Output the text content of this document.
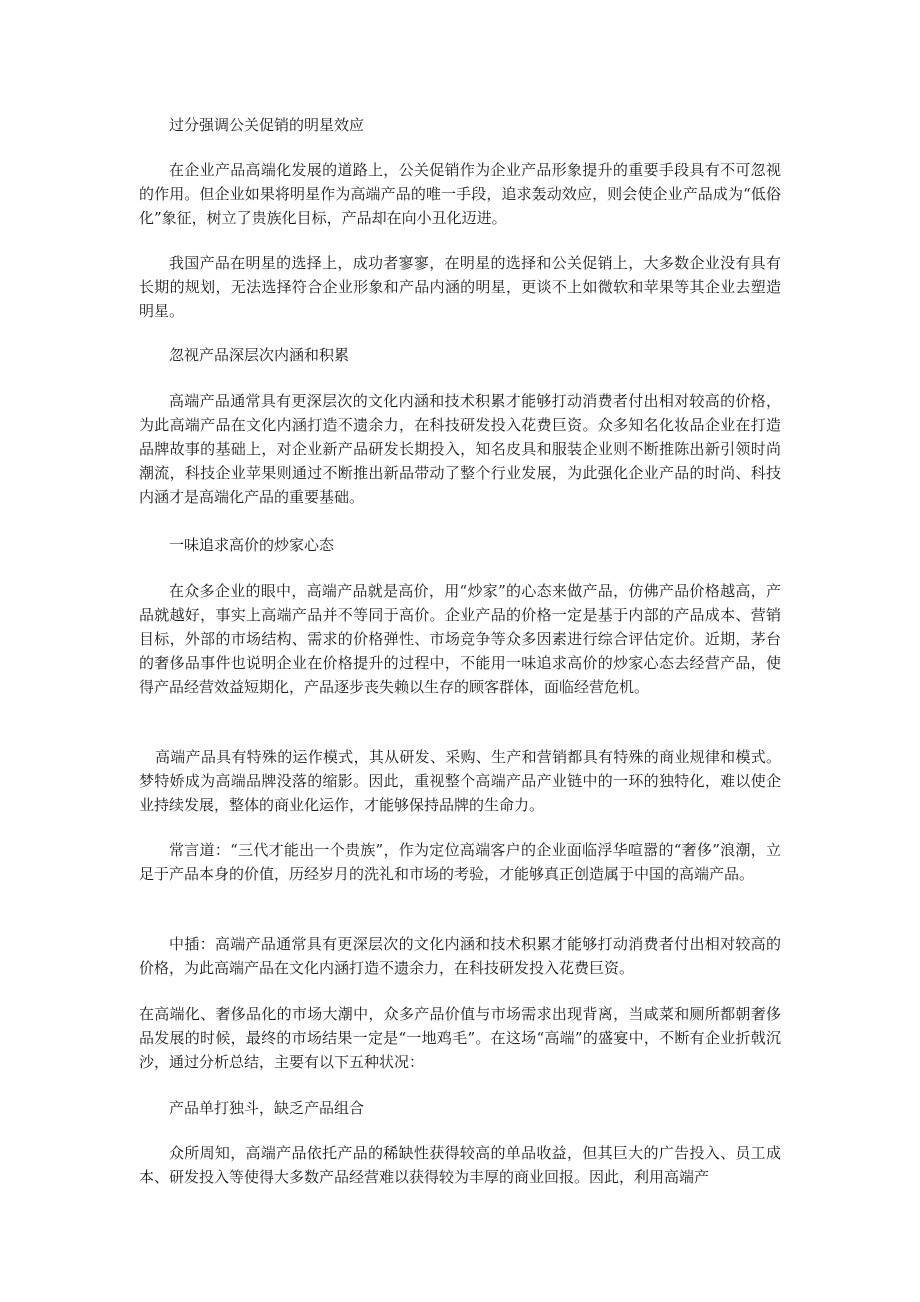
过分强调公关促销的明星效应

在企业产品高端化发展的道路上，公关促销作为企业产品形象提升的重要手段具有不可忽视的作用。但企业如果将明星作为高端产品的唯一手段，追求轰动效应，则会使企业产品成为“低俗化”象征，树立了贵族化目标，产品却在向小丑化迈进。

我国产品在明星的选择上，成功者寥寥，在明星的选择和公关促销上，大多数企业没有具有长期的规划，无法选择符合企业形象和产品内涵的明星，更谈不上如微软和苹果等其企业去塑造明星。

忽视产品深层次内涵和积累

高端产品通常具有更深层次的文化内涵和技术积累才能够打动消费者付出相对较高的价格，为此高端产品在文化内涵打造不遗余力，在科技研发投入花费巨资。众多知名化妆品企业在打造品牌故事的基础上，对企业新产品研发长期投入，知名皮具和服装企业则不断推陈出新引领时尚潮流，科技企业苹果则通过不断推出新品带动了整个行业发展，为此强化企业产品的时尚、科技内涵才是高端化产品的重要基础。

一味追求高价的炒家心态

在众多企业的眼中，高端产品就是高价，用“炒家”的心态来做产品，仿佛产品价格越高，产品就越好，事实上高端产品并不等同于高价。企业产品的价格一定是基于内部的产品成本、营销目标，外部的市场结构、需求的价格弹性、市场竞争等众多因素进行综合评估定价。近期，茅台的奢侈品事件也说明企业在价格提升的过程中，不能用一味追求高价的炒家心态去经营产品，使得产品经营效益短期化，产品逐步丧失赖以生存的顾客群体，面临经营危机。

高端产品具有特殊的运作模式，其从研发、采购、生产和营销都具有特殊的商业规律和模式。梦特娇成为高端品牌没落的缩影。因此，重视整个高端产品产业链中的一环的独特化，难以使企业持续发展，整体的商业化运作，才能够保持品牌的生命力。

常言道：“三代才能出一个贵族”，作为定位高端客户的企业面临浮华喧嚣的“奢侈”浪潮，立足于产品本身的价值，历经岁月的洗礼和市场的考验，才能够真正创造属于中国的高端产品。

中插：高端产品通常具有更深层次的文化内涵和技术积累才能够打动消费者付出相对较高的价格，为此高端产品在文化内涵打造不遗余力，在科技研发投入花费巨资。

在高端化、奢侈品化的市场大潮中，众多产品价值与市场需求出现背离，当咸菜和厕所都朝奢侈品发展的时候，最终的市场结果一定是“一地鸡毛”。在这场“高端”的盛宴中，不断有企业折戟沉沙，通过分析总结，主要有以下五种状况：

产品单打独斗，缺乏产品组合

众所周知，高端产品依托产品的稀缺性获得较高的单品收益，但其巨大的广告投入、员工成本、研发投入等使得大多数产品经营难以获得较为丰厚的商业回报。因此，利用高端产
